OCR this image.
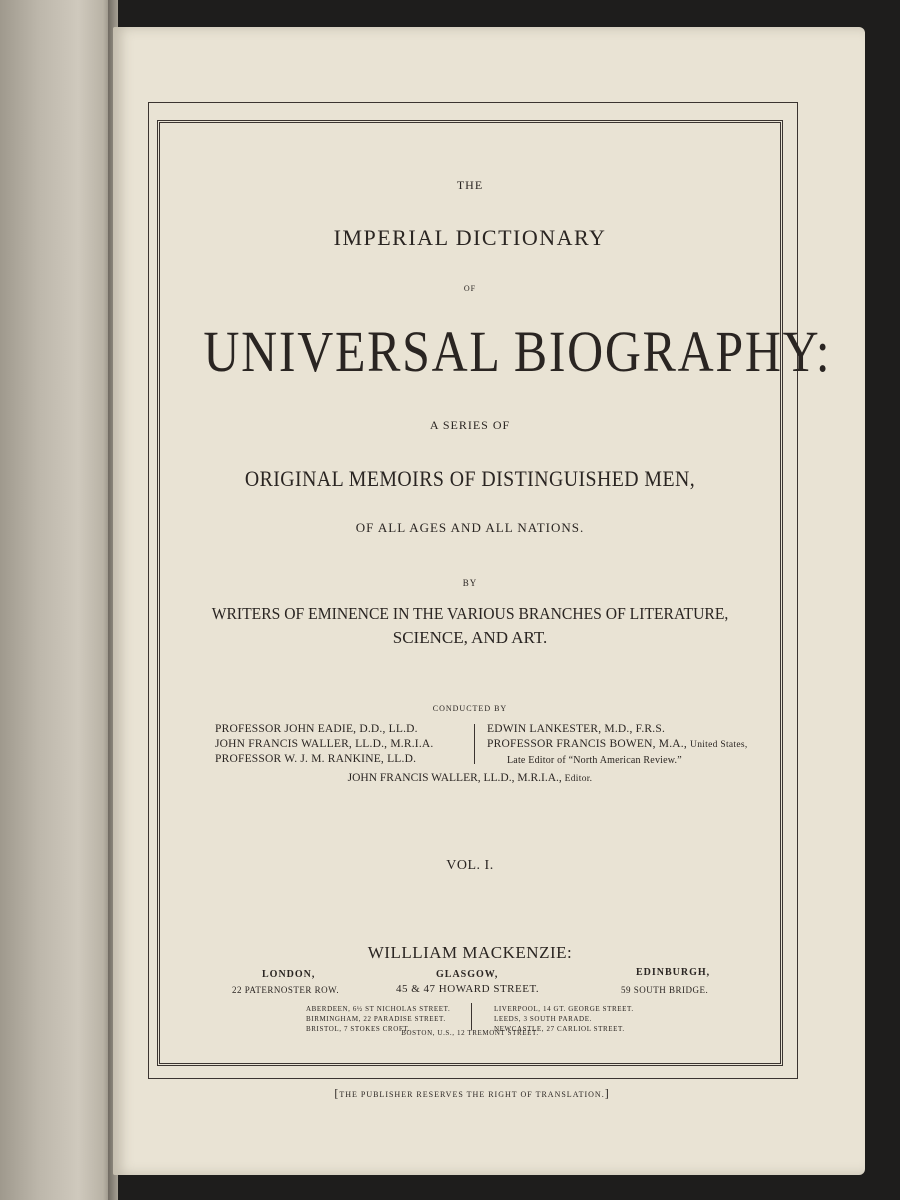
THE
IMPERIAL DICTIONARY
OF
UNIVERSAL BIOGRAPHY:
A SERIES OF
ORIGINAL MEMOIRS OF DISTINGUISHED MEN,
OF ALL AGES AND ALL NATIONS.
BY
WRITERS OF EMINENCE IN THE VARIOUS BRANCHES OF LITERATURE,
SCIENCE, AND ART.
CONDUCTED BY
PROFESSOR JOHN EADIE, D.D., LL.D.
JOHN FRANCIS WALLER, LL.D., M.R.I.A.
PROFESSOR W. J. M. RANKINE, LL.D.
EDWIN LANKESTER, M.D., F.R.S.
PROFESSOR FRANCIS BOWEN, M.A., United States,
Late Editor of “North American Review.”
JOHN FRANCIS WALLER, LL.D., M.R.I.A., Editor.
VOL. I.
WILLLIAM MACKENZIE:
LONDON,
22 PATERNOSTER ROW.
GLASGOW,
45 & 47 HOWARD STREET.
EDINBURGH,
59 SOUTH BRIDGE.
ABERDEEN, 6½ ST NICHOLAS STREET.
BIRMINGHAM, 22 PARADISE STREET.
BRISTOL, 7 STOKES CROFT.
LIVERPOOL, 14 GT. GEORGE STREET.
LEEDS, 3 SOUTH PARADE.
NEWCASTLE, 27 CARLIOL STREET.
BOSTON, U.S., 12 TREMONT STREET.
[THE PUBLISHER RESERVES THE RIGHT OF TRANSLATION.]
